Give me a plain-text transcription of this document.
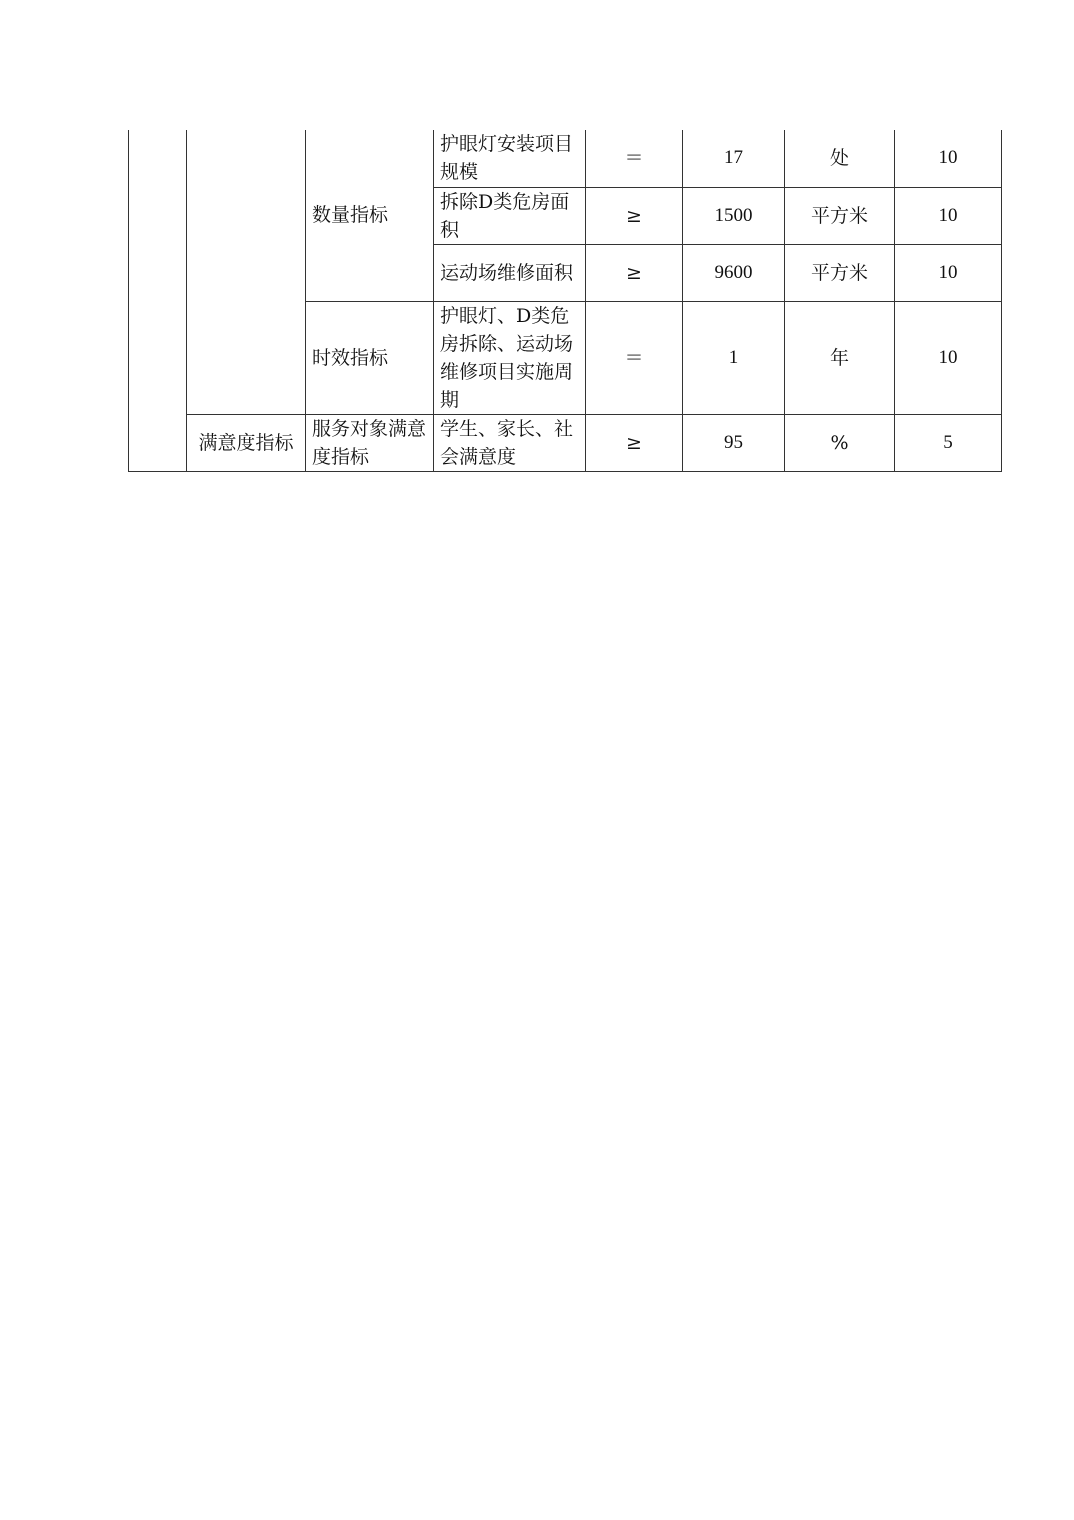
		数量指标	护眼灯安装项目规模	＝	17	处	10
			拆除D类危房面积	≥	1500	平方米	10
			运动场维修面积	≥	9600	平方米	10
		时效指标	护眼灯、D类危房拆除、运动场维修项目实施周期	＝	1	年	10
	满意度指标	服务对象满意度指标	学生、家长、社会满意度	≥	95	%	5
